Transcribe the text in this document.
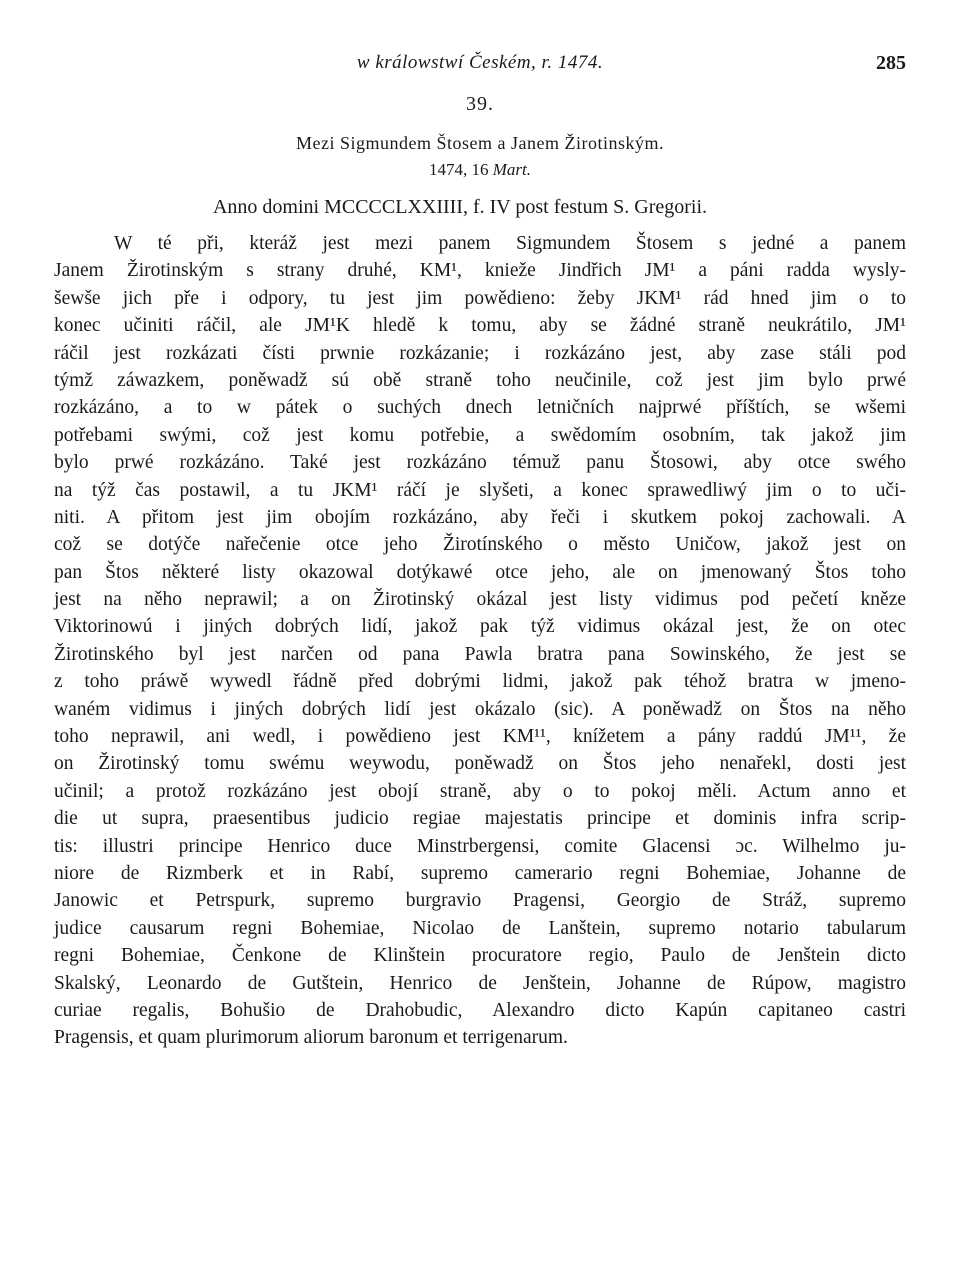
w králowstwí Českém, r. 1474.	285
39.
Mezi Sigmundem Štosem a Janem Žirotinským.
1474, 16 Mart.
Anno domini MCCCCLXXIIII, f. IV post festum S. Gregorii.
W té při, kteráž jest mezi panem Sigmundem Štosem s jedné a panem
Janem Žirotinským s strany druhé, KM¹, knieže Jindřich JM¹ a páni radda wysly-
šewše jich pře i odpory, tu jest jim powědieno: žeby JKM¹ rád hned jim o to
konec učiniti ráčil, ale JM¹K hledě k tomu, aby se žádné straně neukrátilo, JM¹
ráčil jest rozkázati čísti prwnie rozkázanie; i rozkázáno jest, aby zase stáli pod
týmž záwazkem, poněwadž sú obě straně toho neučinile, což jest jim bylo prwé
rozkázáno, a to w pátek o suchých dnech letničních najprwé příštích, se wšemi
potřebami swými, což jest komu potřebie, a swědomím osobním, tak jakož jim
bylo prwé rozkázáno. Také jest rozkázáno témuž panu Štosowi, aby otce swého
na týž čas postawil, a tu JKM¹ ráčí je slyšeti, a konec sprawedliwý jim o to uči-
niti. A přitom jest jim obojím rozkázáno, aby řeči i skutkem pokoj zachowali. A
což se dotýče nařečenie otce jeho Žirotínského o město Uničow, jakož jest on
pan Štos některé listy okazowal dotýkawé otce jeho, ale on jmenowaný Štos toho
jest na něho neprawil; a on Žirotinský okázal jest listy vidimus pod pečetí kněze
Viktorinowú i jiných dobrých lidí, jakož pak týž vidimus okázal jest, že on otec
Žirotinského byl jest narčen od pana Pawla bratra pana Sowinského, že jest se
z toho práwě wywedl řádně před dobrými lidmi, jakož pak téhož bratra w jmeno-
waném vidimus i jiných dobrých lidí jest okázalo (sic). A poněwadž on Štos na něho
toho neprawil, ani wedl, i powědieno jest KM¹¹, knížetem a pány raddú JM¹¹, že
on Žirotinský tomu swému weywodu, poněwadž on Štos jeho nenařekl, dosti jest
učinil; a protož rozkázáno jest obojí straně, aby o to pokoj měli. Actum anno et
die ut supra, praesentibus judicio regiae majestatis principe et dominis infra scrip-
tis: illustri principe Henrico duce Minstrbergensi, comite Glacensi ɔc. Wilhelmo ju-
niore de Rizmberk et in Rabí, supremo camerario regni Bohemiae, Johanne de
Janowic et Petrspurk, supremo burgravio Pragensi, Georgio de Stráž, supremo
judice causarum regni Bohemiae, Nicolao de Lanštein, supremo notario tabularum
regni Bohemiae, Čenkone de Klinštein procuratore regio, Paulo de Jenštein dicto
Skalský, Leonardo de Gutštein, Henrico de Jenštein, Johanne de Rúpow, magistro
curiae regalis, Bohušio de Drahobudic, Alexandro dicto Kapún capitaneo castri
Pragensis, et quam plurimorum aliorum baronum et terrigenarum.
